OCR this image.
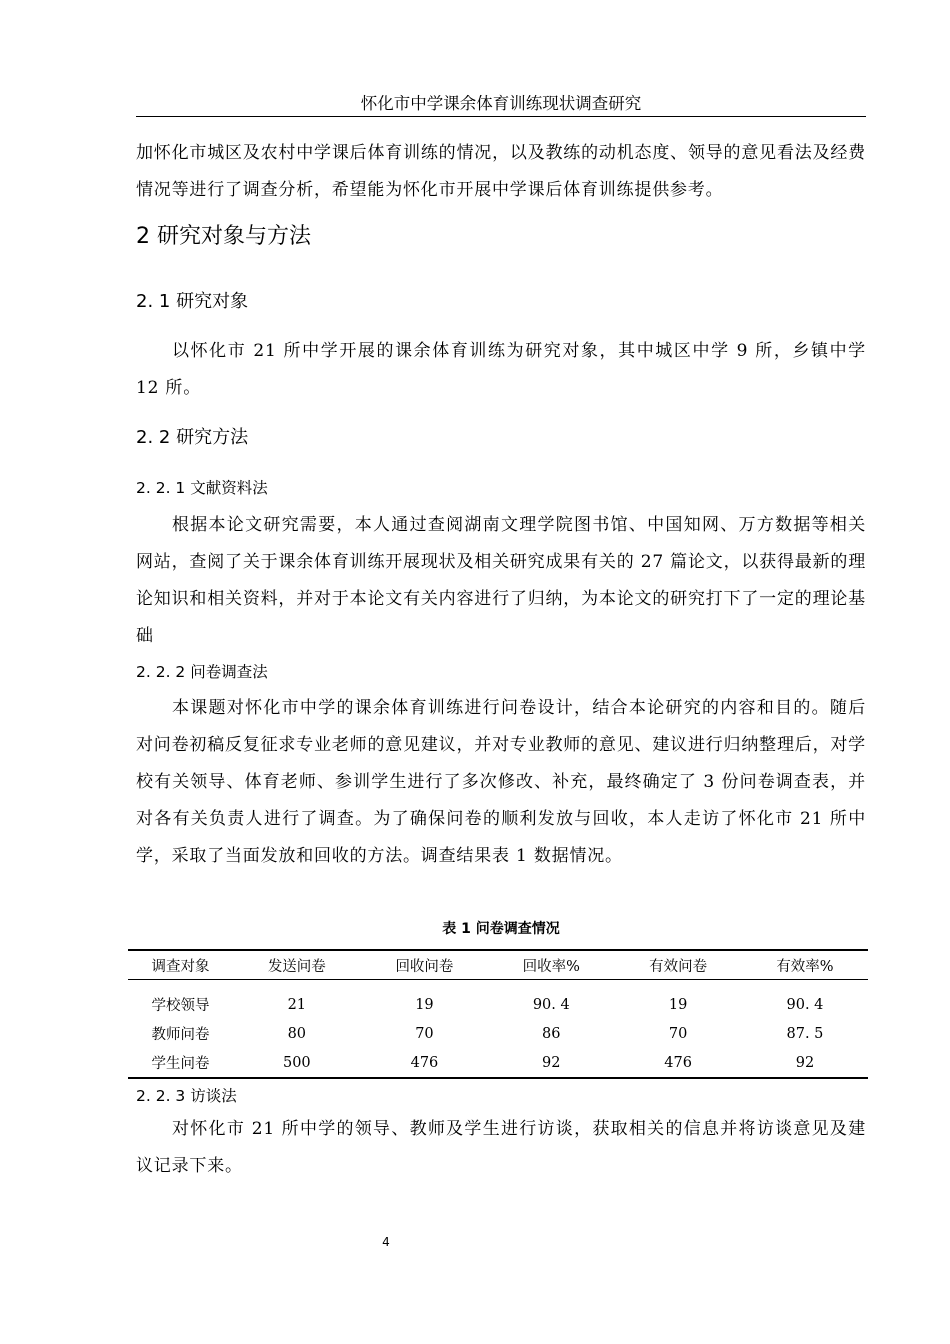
怀化市中学课余体育训练现状调查研究

加怀化市城区及农村中学课后体育训练的情况，以及教练的动机态度、领导的意见看法及经费情况等进行了调查分析，希望能为怀化市开展中学课后体育训练提供参考。

2 研究对象与方法
2. 1 研究对象

以怀化市 21 所中学开展的课余体育训练为研究对象，其中城区中学 9 所，乡镇中学 12 所。

2. 2 研究方法
2. 2. 1 文献资料法

根据本论文研究需要，本人通过查阅湖南文理学院图书馆、中国知网、万方数据等相关网站，查阅了关于课余体育训练开展现状及相关研究成果有关的 27 篇论文，以获得最新的理论知识和相关资料，并对于本论文有关内容进行了归纳，为本论文的研究打下了一定的理论基础

2. 2. 2 问卷调查法

本课题对怀化市中学的课余体育训练进行问卷设计，结合本论研究的内容和目的。随后对问卷初稿反复征求专业老师的意见建议，并对专业教师的意见、建议进行归纳整理后，对学校有关领导、体育老师、参训学生进行了多次修改、补充，最终确定了 3 份问卷调查表，并对各有关负责人进行了调查。为了确保问卷的顺利发放与回收，本人走访了怀化市 21 所中学，采取了当面发放和回收的方法。调查结果表 1 数据情况。

表 1 问卷调查情况

调查对象	发送问卷	回收问卷	回收率%	有效问卷	有效率%
学校领导	21	19	90. 4	19	90. 4
教师问卷	80	70	86	70	87. 5
学生问卷	500	476	92	476	92
2. 2. 3 访谈法

对怀化市 21 所中学的领导、教师及学生进行访谈，获取相关的信息并将访谈意见及建议记录下来。

4
